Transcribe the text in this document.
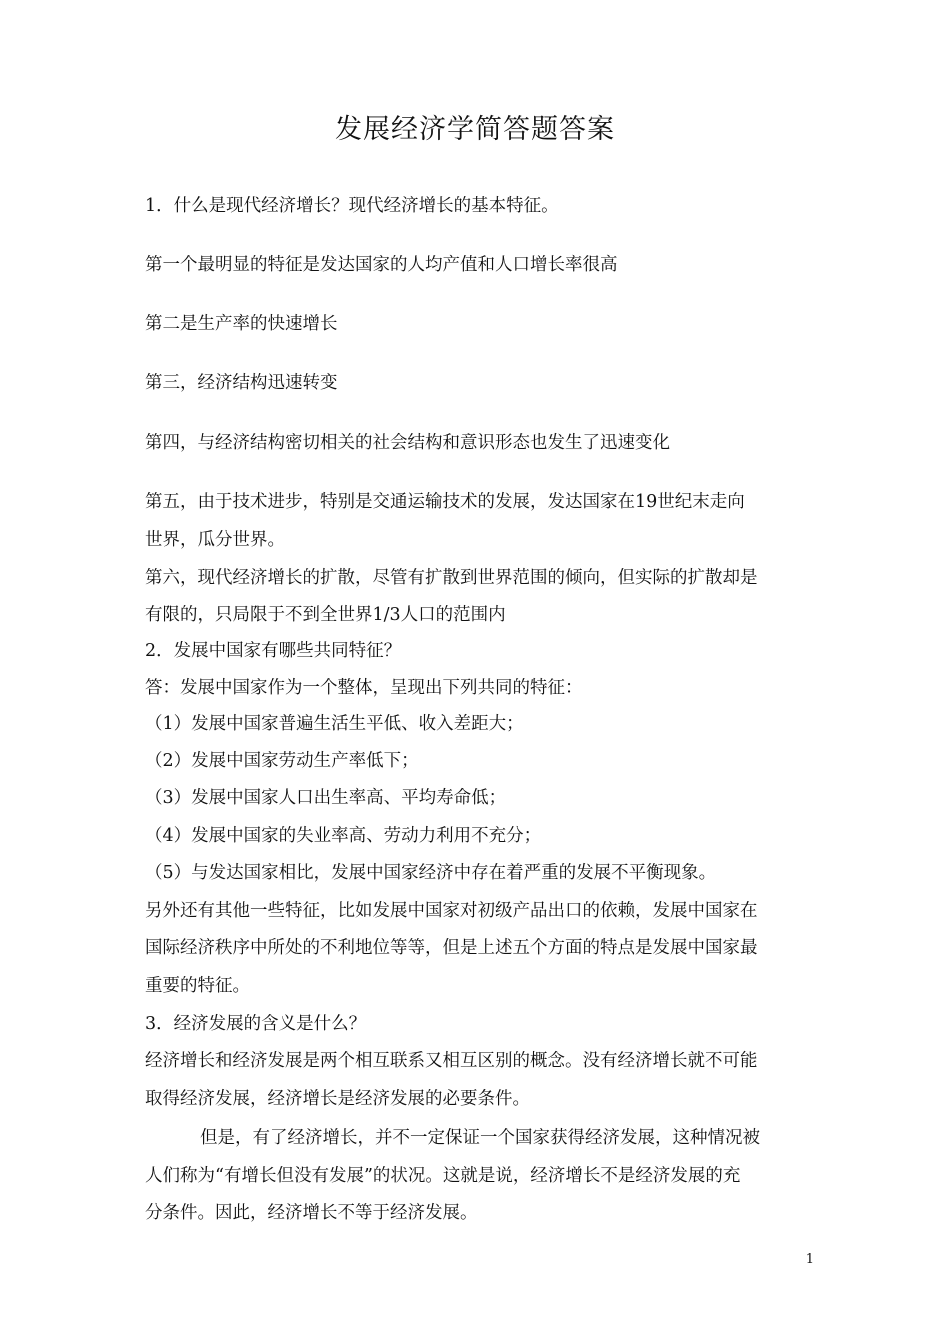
发展经济学简答题答案

1．什么是现代经济增长？现代经济增长的基本特征。

第一个最明显的特征是发达国家的人均产值和人口增长率很高

第二是生产率的快速增长

第三，经济结构迅速转变

第四，与经济结构密切相关的社会结构和意识形态也发生了迅速变化

第五，由于技术进步，特别是交通运输技术的发展，发达国家在19世纪末走向

世界，瓜分世界。

第六，现代经济增长的扩散，尽管有扩散到世界范围的倾向，但实际的扩散却是

有限的，只局限于不到全世界1/3人口的范围内

2．发展中国家有哪些共同特征？

答：发展中国家作为一个整体，呈现出下列共同的特征：

（1）发展中国家普遍生活生平低、收入差距大；

（2）发展中国家劳动生产率低下；

（3）发展中国家人口出生率高、平均寿命低；

（4）发展中国家的失业率高、劳动力利用不充分；

（5）与发达国家相比，发展中国家经济中存在着严重的发展不平衡现象。

另外还有其他一些特征，比如发展中国家对初级产品出口的依赖，发展中国家在

国际经济秩序中所处的不利地位等等，但是上述五个方面的特点是发展中国家最

重要的特征。

3．经济发展的含义是什么？

经济增长和经济发展是两个相互联系又相互区别的概念。没有经济增长就不可能

取得经济发展，经济增长是经济发展的必要条件。

但是，有了经济增长，并不一定保证一个国家获得经济发展，这种情况被

人们称为“有增长但没有发展”的状况。这就是说，经济增长不是经济发展的充

分条件。因此，经济增长不等于经济发展。

1
